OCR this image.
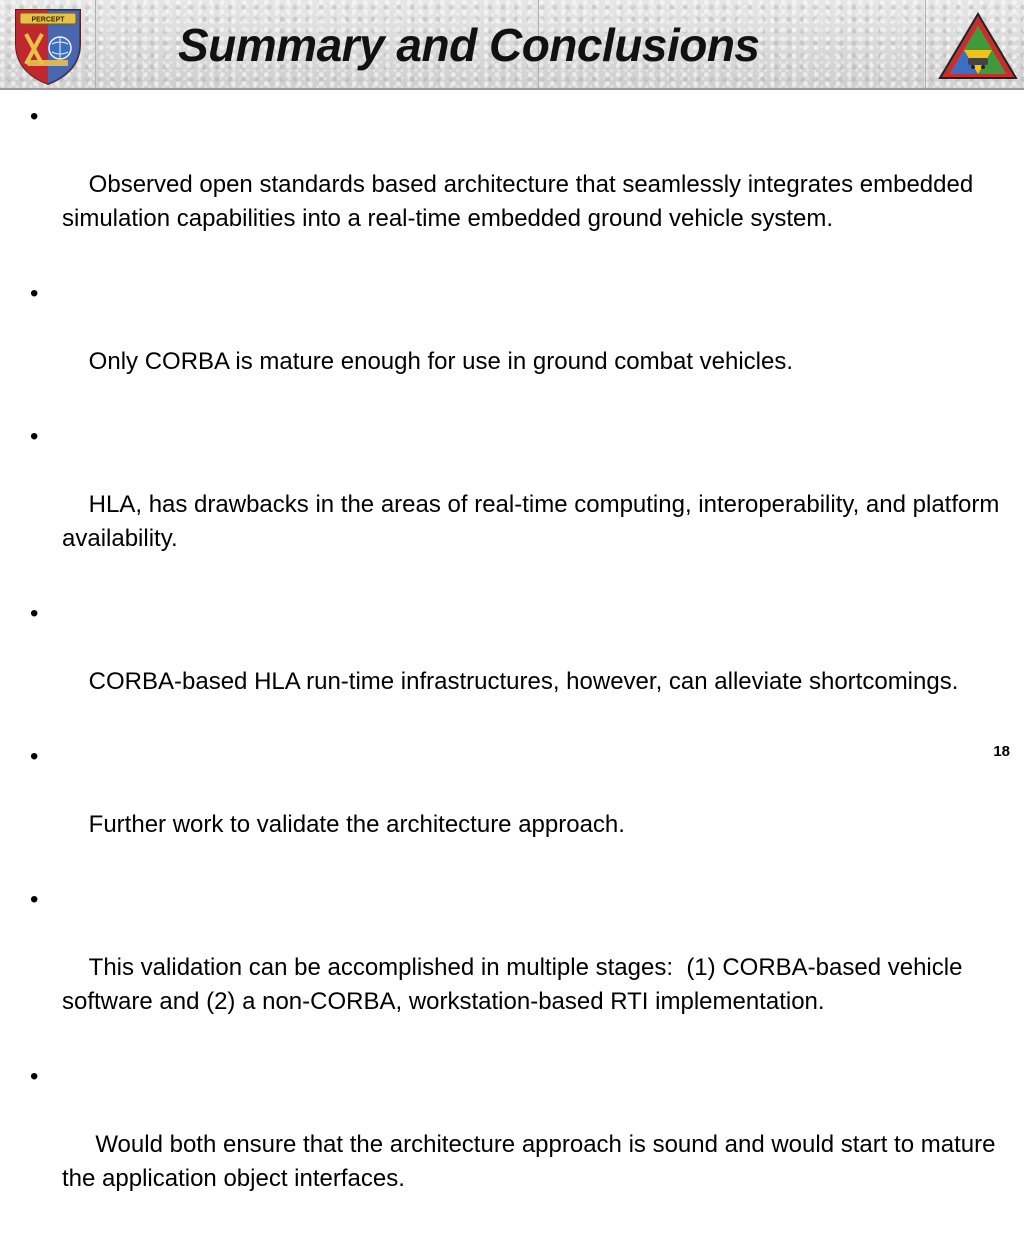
PERCEPT Summary and Conclusions

•

Observed open standards based architecture that seamlessly integrates embedded simulation capabilities into a real-time embedded ground vehicle system.

•

Only CORBA is mature enough for use in ground combat vehicles.

•

HLA, has drawbacks in the areas of real-time computing, interoperability, and platform availability.

•

CORBA-based HLA run-time infrastructures, however, can alleviate shortcomings.

•

Further work to validate the architecture approach.

•

This validation can be accomplished in multiple stages:  (1) CORBA-based vehicle software and (2) a non-CORBA, workstation-based RTI implementation.

•

Would both ensure that the architecture approach is sound and would start to mature the application object interfaces.

18
